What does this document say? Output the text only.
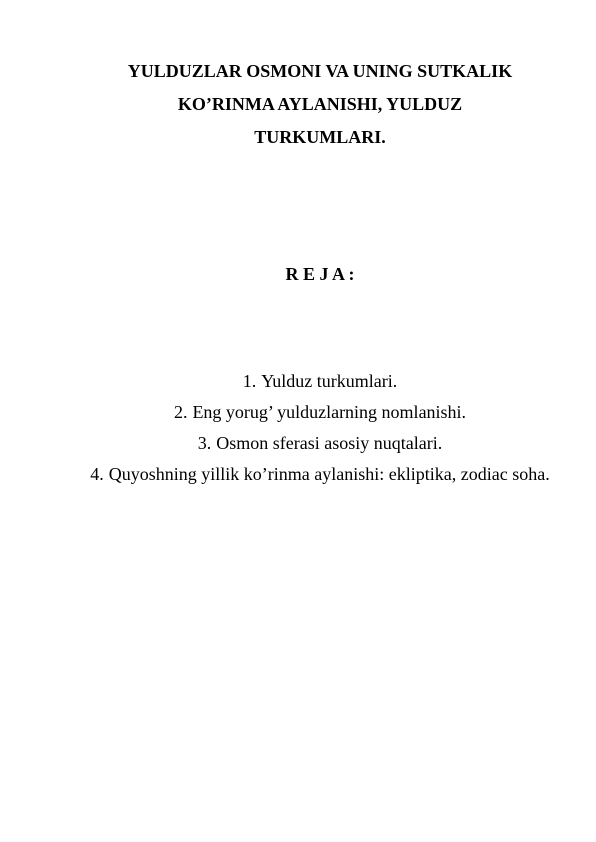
YULDUZLAR OSMONI VA UNING SUTKALIK
KO’RINMA AYLANISHI, YULDUZ
TURKUMLARI.
R E J A :
1. Yulduz turkumlari.
2. Eng yorug’ yulduzlarning nomlanishi.
3. Osmon sferasi asosiy nuqtalari.
4. Quyoshning yillik ko’rinma aylanishi: ekliptika, zodiac soha.
